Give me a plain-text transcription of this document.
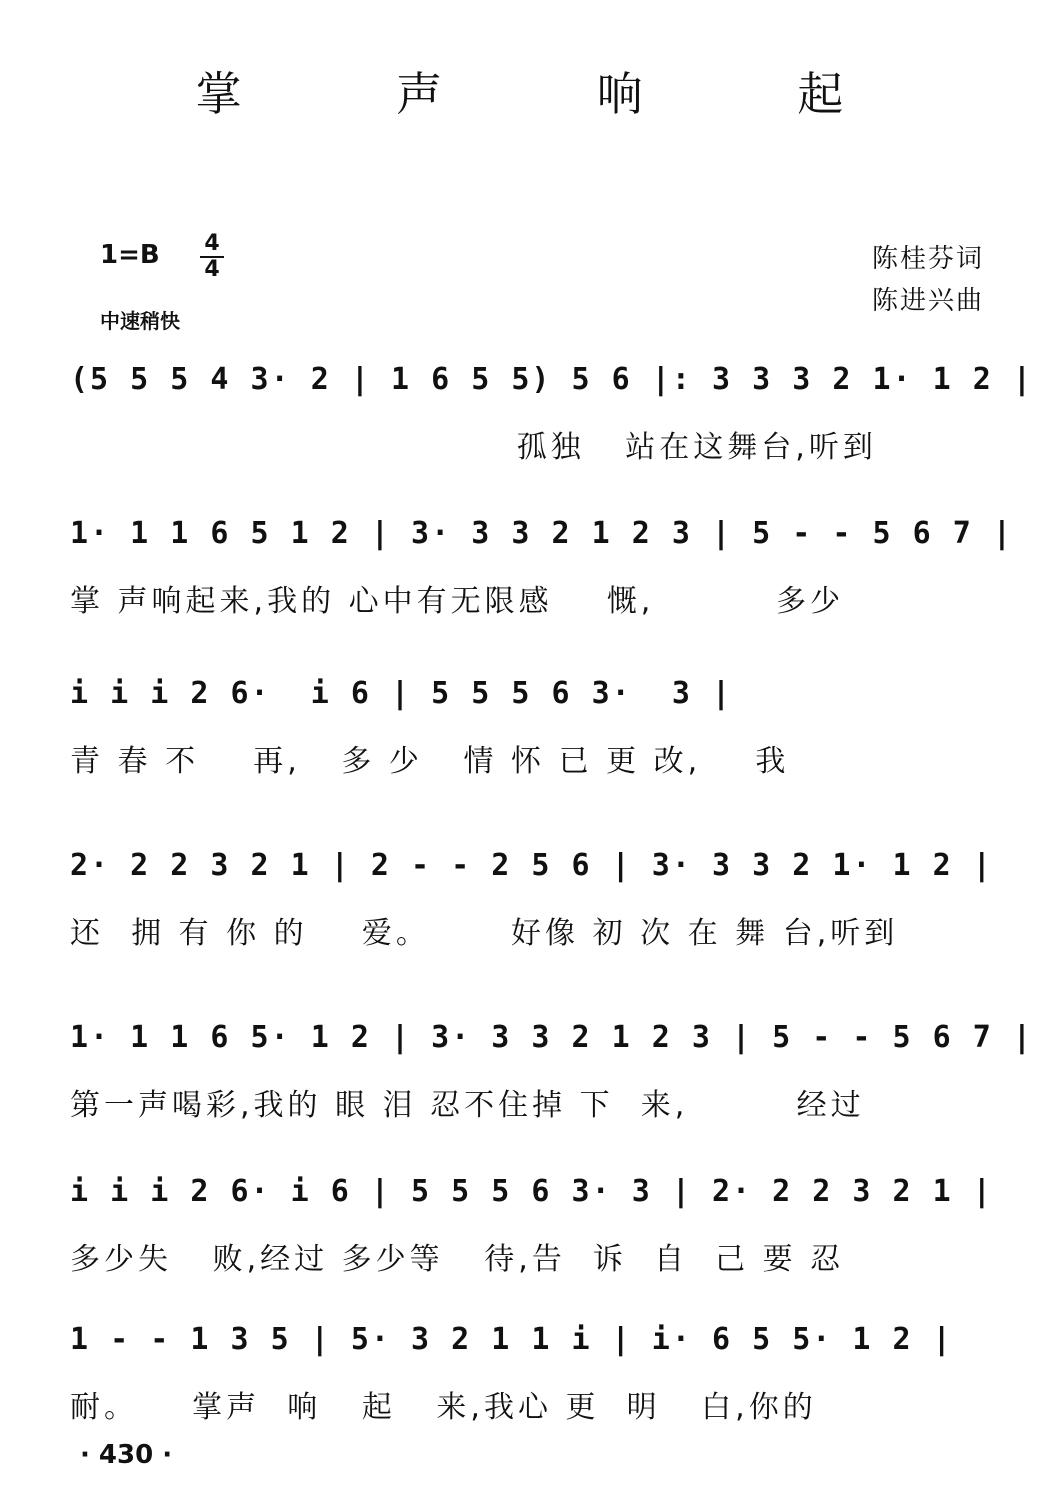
掌 声 响 起
1=B 4
4
中速稍快
陈桂芬词
陈进兴曲
(5 5 5 4 3· 2 | 1 6 5 5) 5 6 |: 3 3 3 2 1· 1 2 |
孤独   站在这舞台,听到
1· 1 1 6 5 1 2 | 3· 3 3 2 1 2 3 | 5 - - 5 6 7 |
掌 声响起来,我的 心中有无限感    慨,         多少
i i i 2 6·  i 6 | 5 5 5 6 3·  3 |
青 春 不    再,   多 少   情 怀 已 更 改,    我
2· 2 2 3 2 1 | 2 - - 2 5 6 | 3· 3 3 2 1· 1 2 |
还  拥 有 你 的    爱。      好像 初 次 在 舞 台,听到
1· 1 1 6 5· 1 2 | 3· 3 3 2 1 2 3 | 5 - - 5 6 7 |
第一声喝彩,我的 眼 泪 忍不住掉 下  来,        经过
i i i 2 6· i 6 | 5 5 5 6 3· 3 | 2· 2 2 3 2 1 |
多少失   败,经过 多少等   待,告  诉  自  己 要 忍
1 - - 1 3 5 | 5· 3 2 1 1 i | i· 6 5 5· 1 2 |
耐。    掌声  响   起   来,我心 更  明   白,你的
· 430 ·
